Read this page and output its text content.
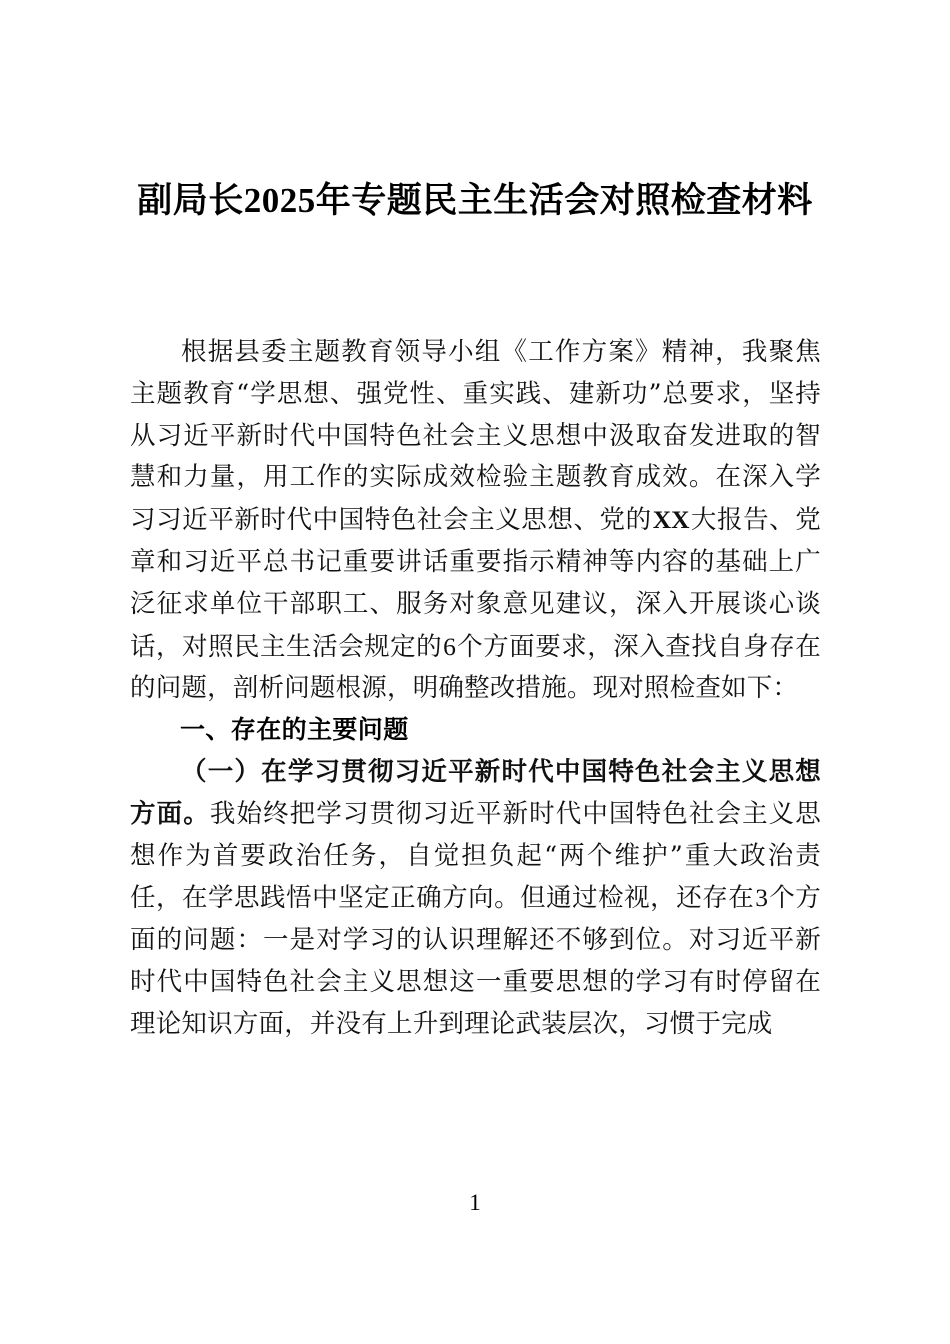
副局长2025年专题民主生活会对照检查材料

根据县委主题教育领导小组《工作方案》精神，我聚焦主题教育“学思想、强党性、重实践、建新功”总要求，坚持从习近平新时代中国特色社会主义思想中汲取奋发进取的智慧和力量，用工作的实际成效检验主题教育成效。在深入学习习近平新时代中国特色社会主义思想、党的XX大报告、党章和习近平总书记重要讲话重要指示精神等内容的基础上广泛征求单位干部职工、服务对象意见建议，深入开展谈心谈话，对照民主生活会规定的6个方面要求，深入查找自身存在的问题，剖析问题根源，明确整改措施。现对照检查如下：

一、存在的主要问题

（一）在学习贯彻习近平新时代中国特色社会主义思想方面。我始终把学习贯彻习近平新时代中国特色社会主义思想作为首要政治任务，自觉担负起“两个维护”重大政治责任，在学思践悟中坚定正确方向。但通过检视，还存在3个方面的问题：一是对学习的认识理解还不够到位。对习近平新时代中国特色社会主义思想这一重要思想的学习有时停留在理论知识方面，并没有上升到理论武装层次，习惯于完成

1
